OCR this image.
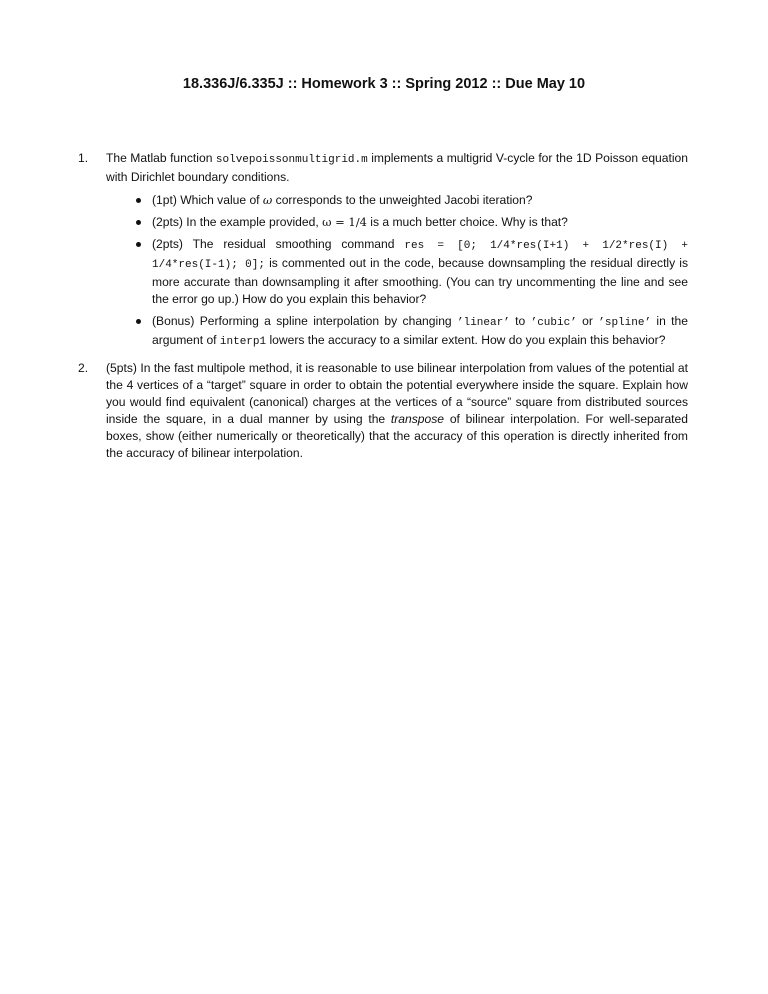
18.336J/6.335J :: Homework 3 :: Spring 2012 :: Due May 10
1. The Matlab function solvepoissonmultigrid.m implements a multigrid V-cycle for the 1D Poisson equation with Dirichlet boundary conditions.
(1pt) Which value of ω corresponds to the unweighted Jacobi iteration?
(2pts) In the example provided, ω = 1/4 is a much better choice. Why is that?
(2pts) The residual smoothing command res = [0; 1/4*res(I+1) + 1/2*res(I) + 1/4*res(I-1); 0]; is commented out in the code, because downsampling the residual directly is more accurate than downsampling it after smoothing. (You can try uncommenting the line and see the error go up.) How do you explain this behavior?
(Bonus) Performing a spline interpolation by changing ’linear’ to ’cubic’ or ’spline’ in the argument of interp1 lowers the accuracy to a similar extent. How do you explain this behavior?
2. (5pts) In the fast multipole method, it is reasonable to use bilinear interpolation from values of the potential at the 4 vertices of a “target” square in order to obtain the potential everywhere inside the square. Explain how you would find equivalent (canonical) charges at the vertices of a “source” square from distributed sources inside the square, in a dual manner by using the transpose of bilinear interpolation. For well-separated boxes, show (either numerically or theoretically) that the accuracy of this operation is directly inherited from the accuracy of bilinear interpolation.
